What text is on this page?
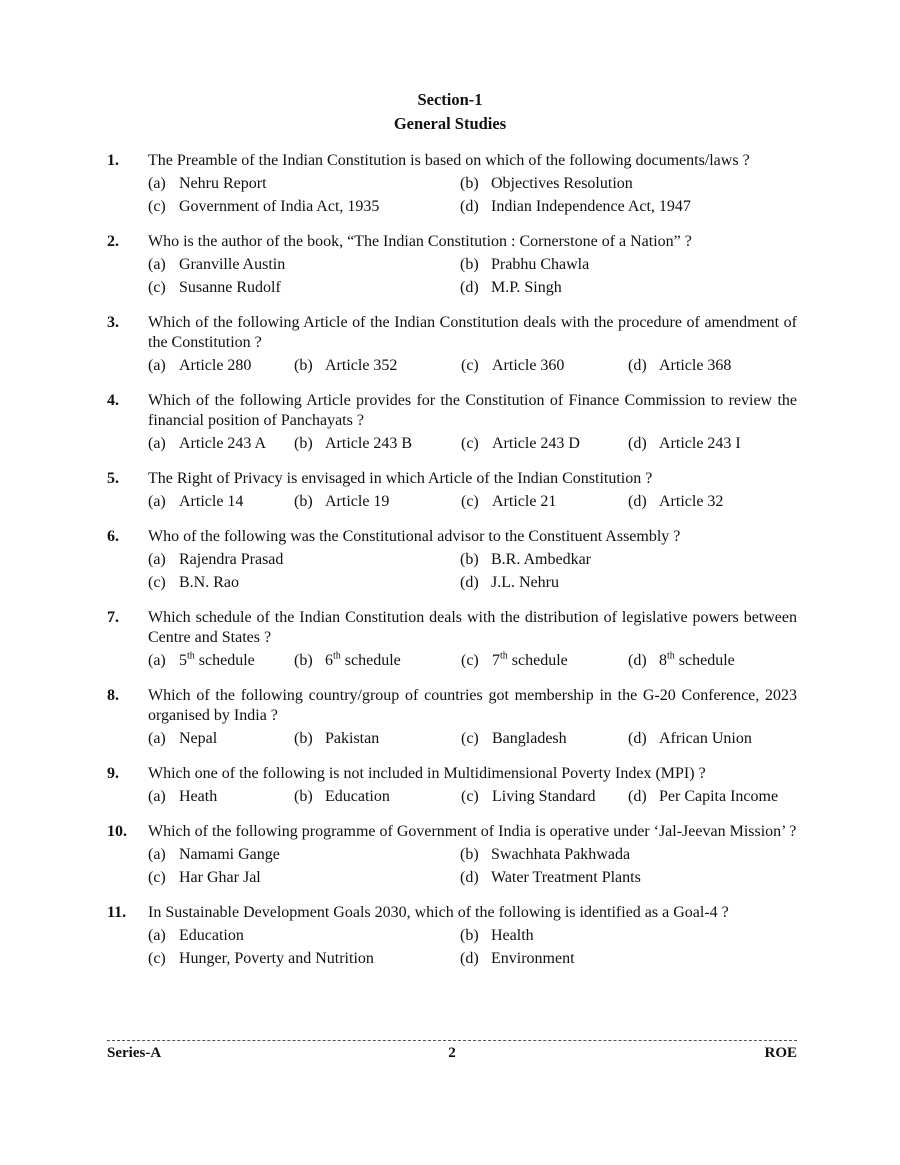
Section-1
General Studies
1.	The Preamble of the Indian Constitution is based on which of the following documents/laws ?
(a) Nehru Report	(b) Objectives Resolution
(c) Government of India Act, 1935	(d) Indian Independence Act, 1947
2.	Who is the author of the book, “The Indian Constitution : Cornerstone of a Nation” ?
(a) Granville Austin	(b) Prabhu Chawla
(c) Susanne Rudolf	(d) M.P. Singh
3.	Which of the following Article of the Indian Constitution deals with the procedure of amendment of the Constitution ?
(a) Article 280	(b) Article 352	(c) Article 360	(d) Article 368
4.	Which of the following Article provides for the Constitution of Finance Commission to review the financial position of Panchayats ?
(a) Article 243 A	(b) Article 243 B	(c) Article 243 D	(d) Article 243 I
5.	The Right of Privacy is envisaged in which Article of the Indian Constitution ?
(a) Article 14	(b) Article 19	(c) Article 21	(d) Article 32
6.	Who of the following was the Constitutional advisor to the Constituent Assembly ?
(a) Rajendra Prasad	(b) B.R. Ambedkar
(c) B.N. Rao	(d) J.L. Nehru
7.	Which schedule of the Indian Constitution deals with the distribution of legislative powers between Centre and States ?
(a) 5th schedule	(b) 6th schedule	(c) 7th schedule	(d) 8th schedule
8.	Which of the following country/group of countries got membership in the G-20 Conference, 2023 organised by India ?
(a) Nepal	(b) Pakistan	(c) Bangladesh	(d) African Union
9.	Which one of the following is not included in Multidimensional Poverty Index (MPI) ?
(a) Heath	(b) Education	(c) Living Standard	(d) Per Capita Income
10.	Which of the following programme of Government of India is operative under ‘Jal-Jeevan Mission’ ?
(a) Namami Gange	(b) Swachhata Pakhwada
(c) Har Ghar Jal	(d) Water Treatment Plants
11.	In Sustainable Development Goals 2030, which of the following is identified as a Goal-4 ?
(a) Education	(b) Health
(c) Hunger, Poverty and Nutrition	(d) Environment
Series-A	2	ROE
